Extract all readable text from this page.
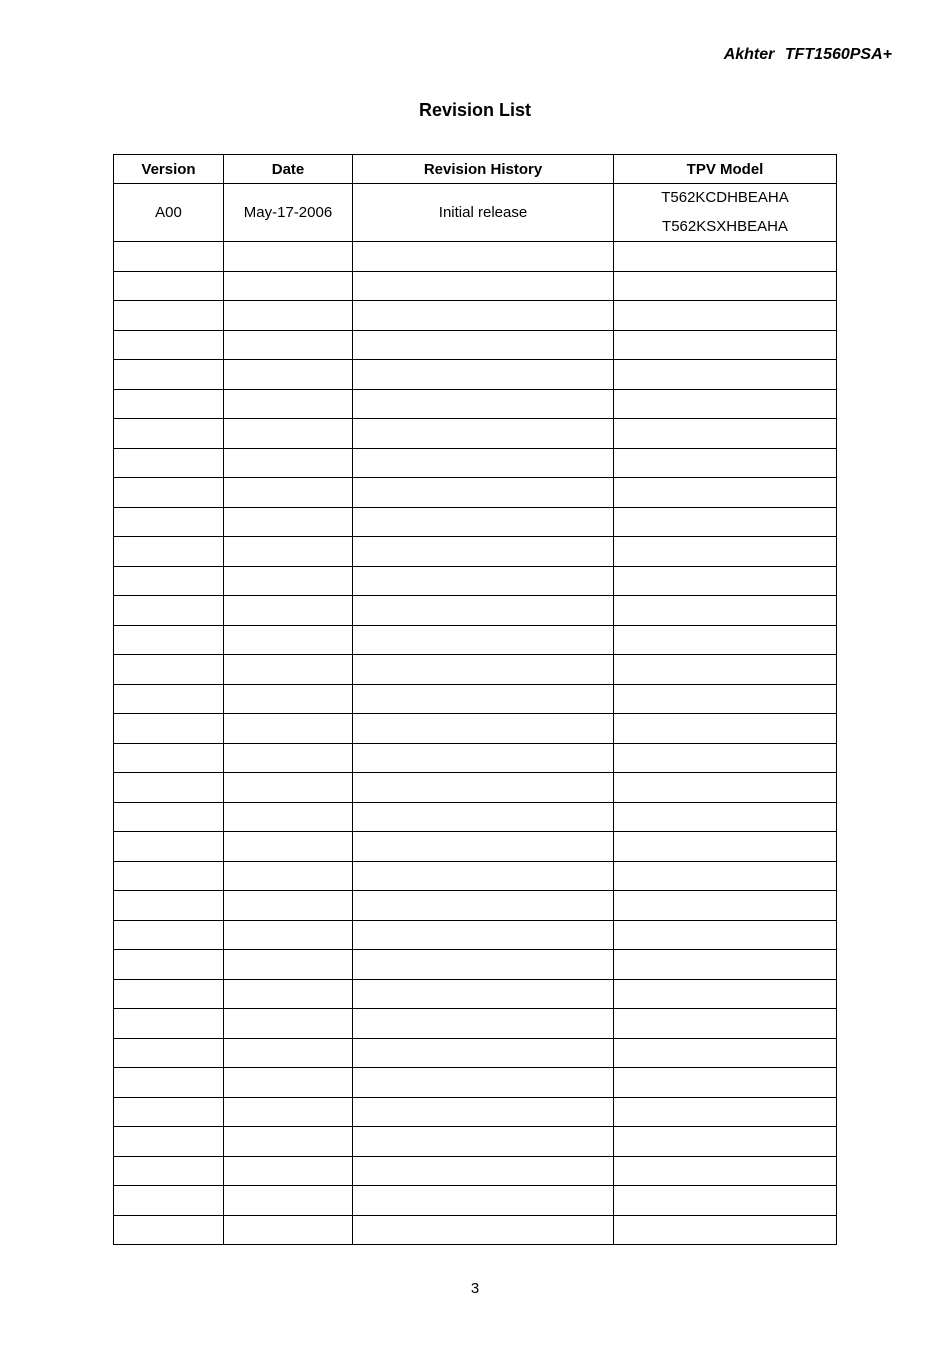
Akhter TFT1560PSA+
Revision List
Version	Date	Revision History	TPV Model
A00	May-17-2006	Initial release	T562KCDHBEAHA
T562KSXHBEAHA

3
